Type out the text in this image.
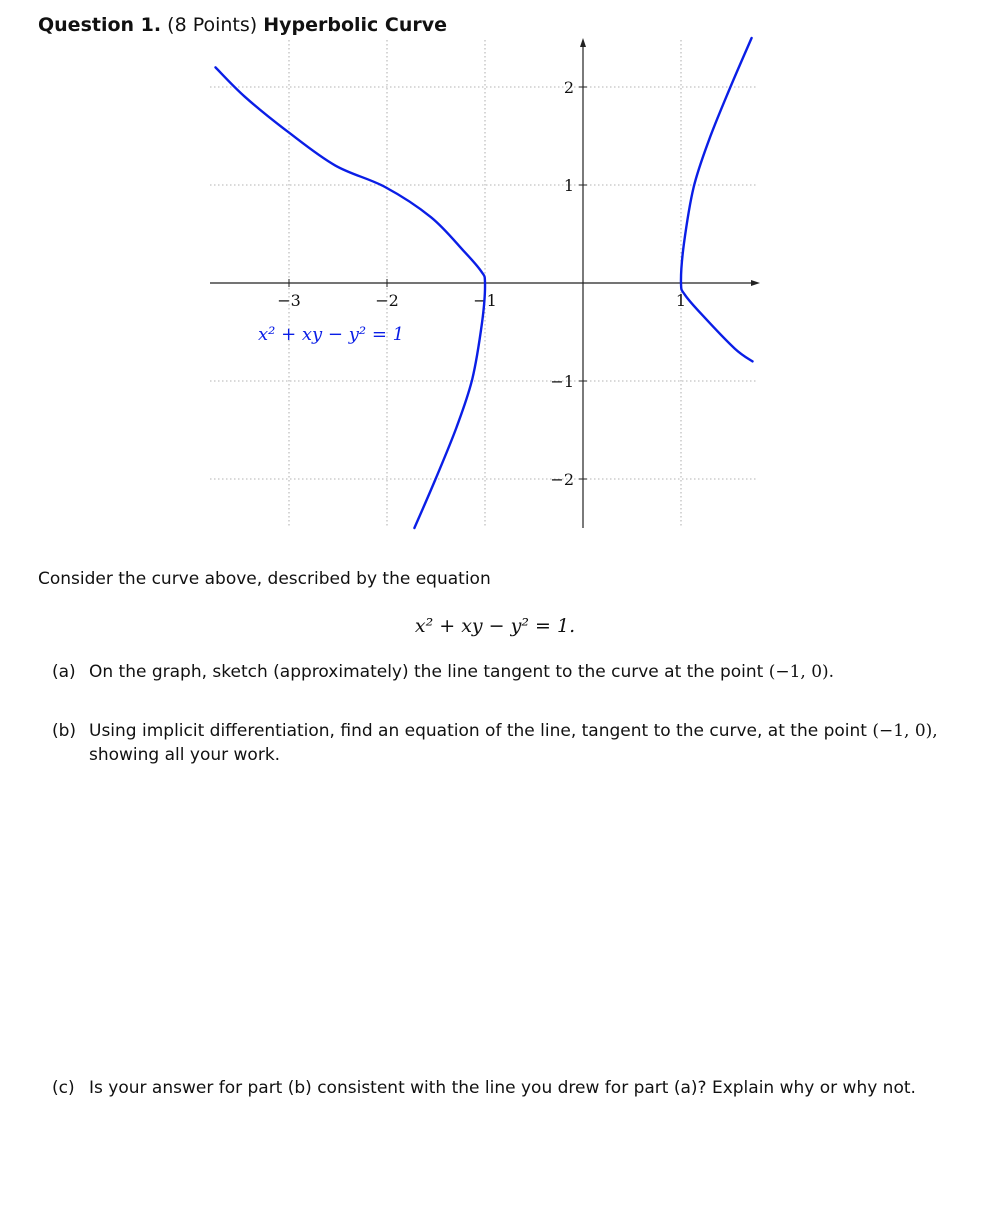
Question 1. (8 Points) Hyperbolic Curve
−3	−2	−1	1
2
1
−1
−2
x² + xy − y² = 1
Consider the curve above, described by the equation
x² + xy − y² = 1.
(a) On the graph, sketch (approximately) the line tangent to the curve at the point (−1, 0).
(b) Using implicit differentiation, find an equation of the line, tangent to the curve, at the point (−1, 0),
showing all your work.
(c) Is your answer for part (b) consistent with the line you drew for part (a)? Explain why or why not.
